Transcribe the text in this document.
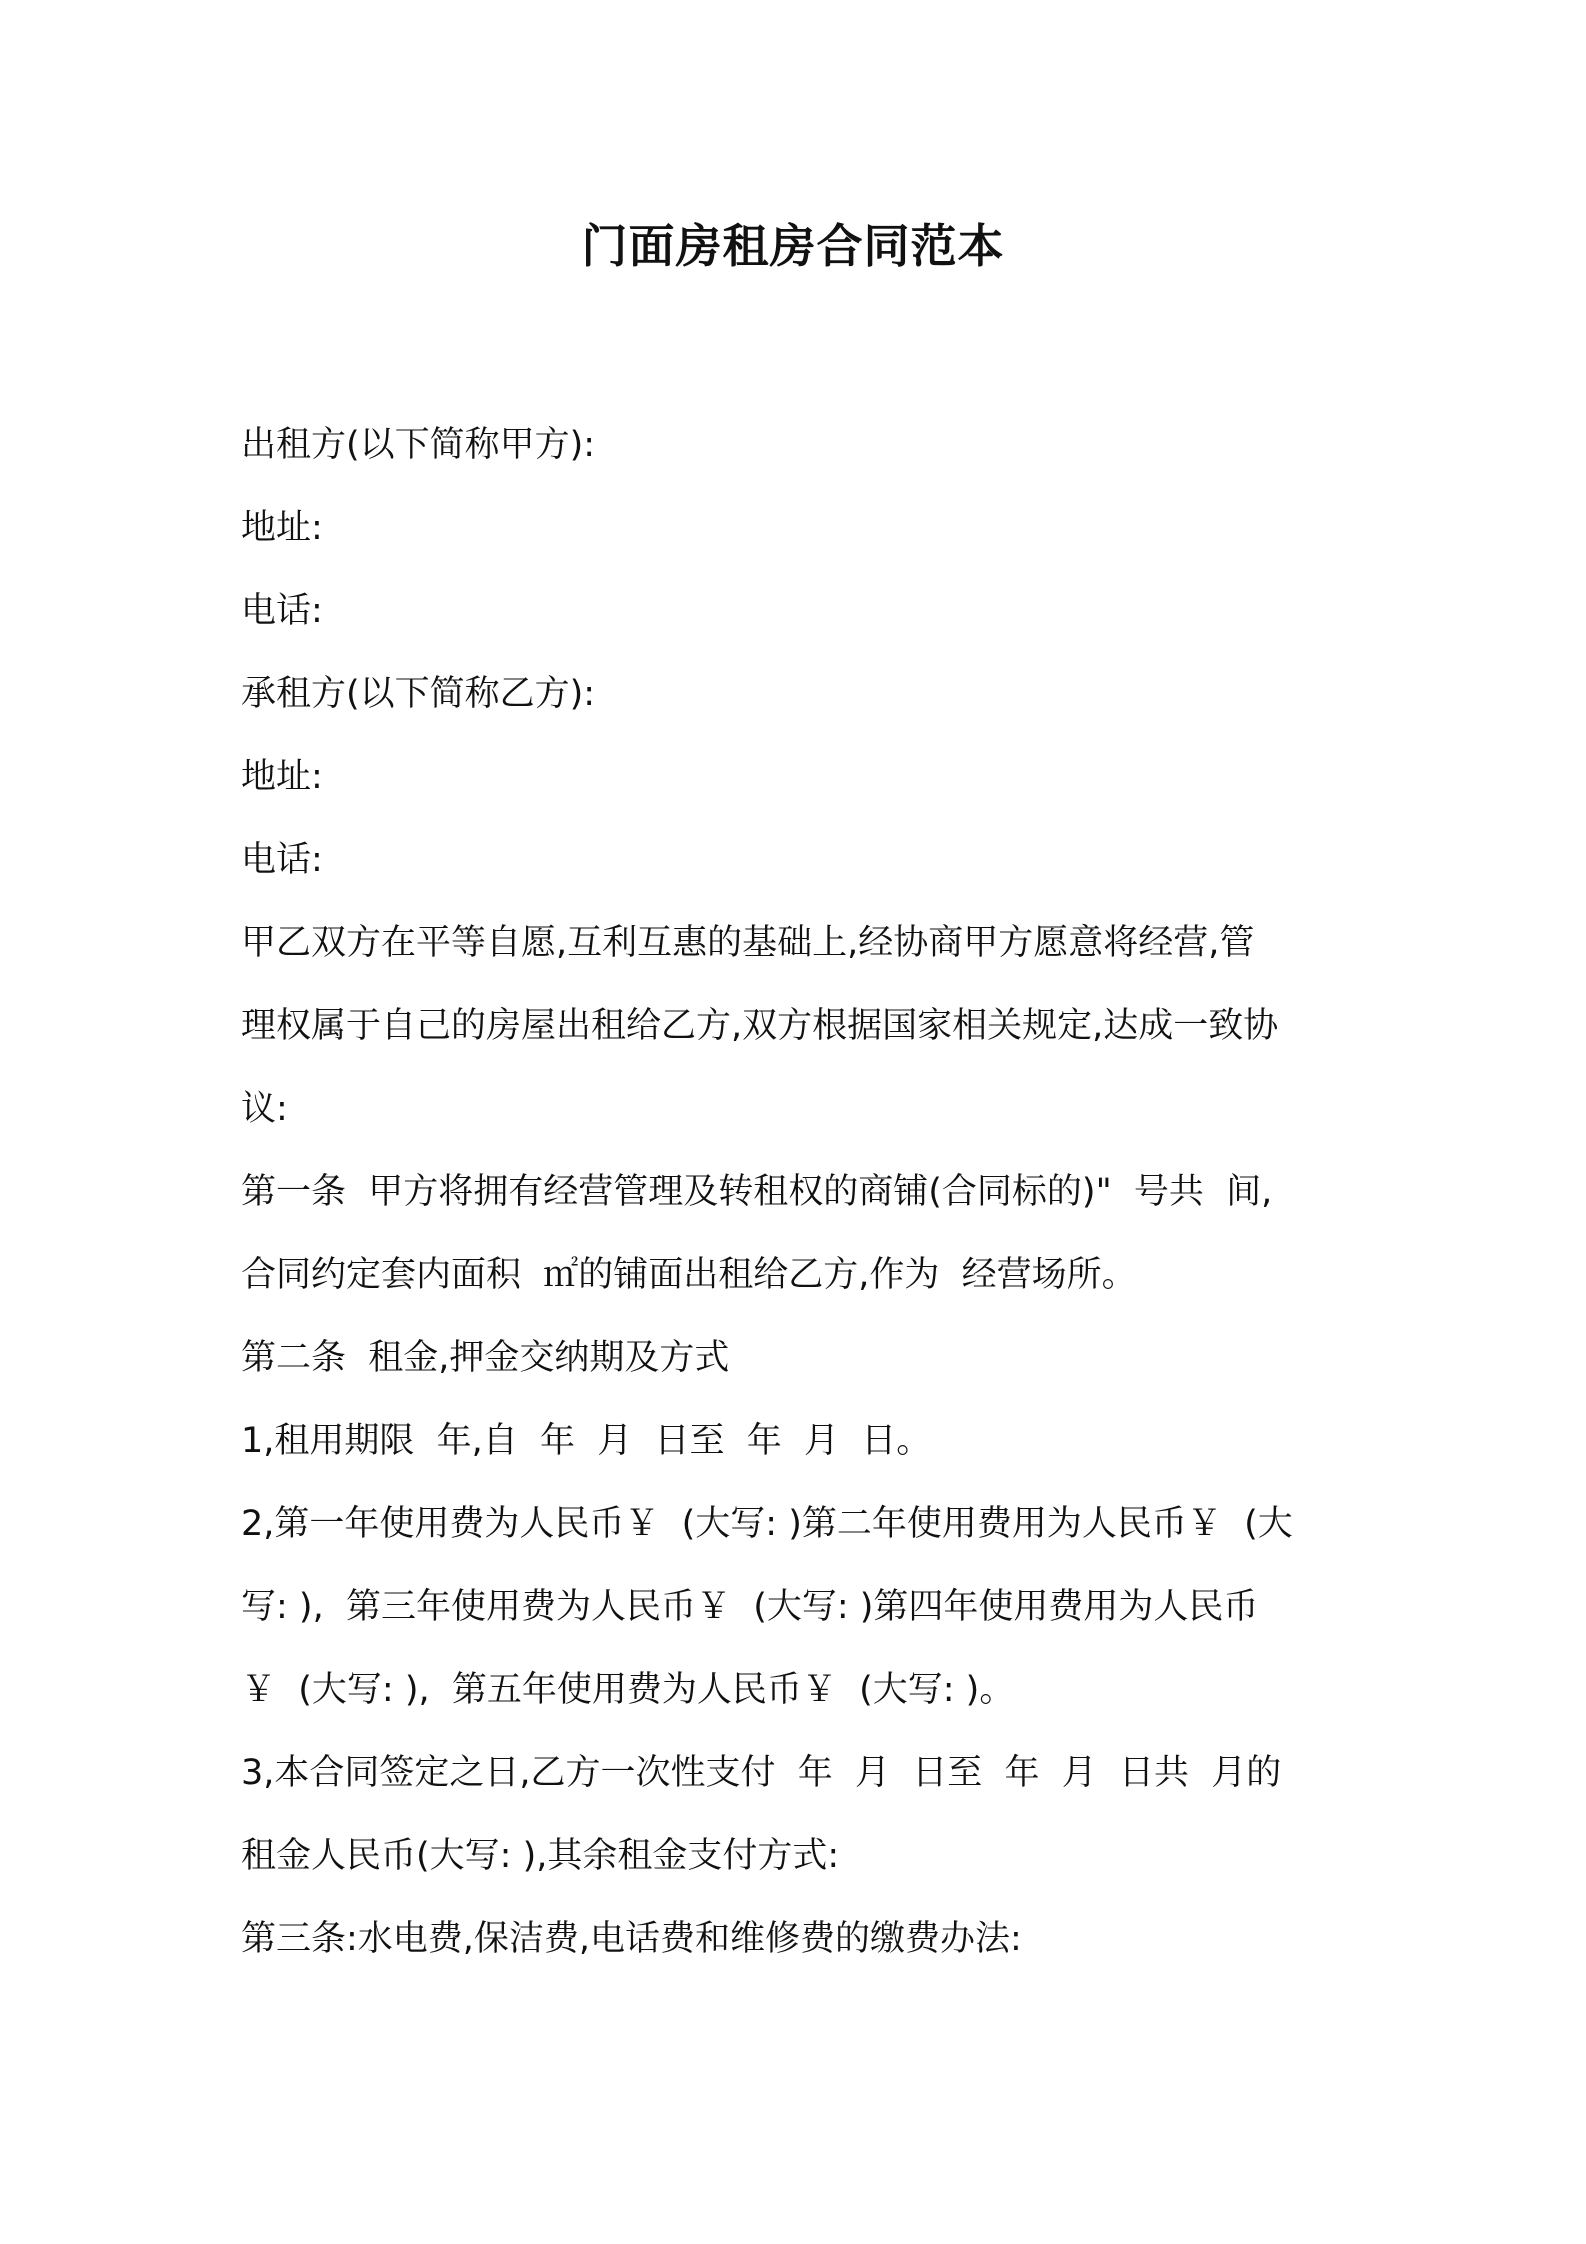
门面房租房合同范本
出租方(以下简称甲方):
地址:
电话:
承租方(以下简称乙方):
地址:
电话:
甲乙双方在平等自愿,互利互惠的基础上,经协商甲方愿意将经营,管
理权属于自己的房屋出租给乙方,双方根据国家相关规定,达成一致协
议:
第一条  甲方将拥有经营管理及转租权的商铺(合同标的)"  号共  间,
合同约定套内面积  ㎡的铺面出租给乙方,作为  经营场所。
第二条  租金,押金交纳期及方式
1,租用期限  年,自  年  月  日至  年  月  日。
2,第一年使用费为人民币￥  (大写: )第二年使用费用为人民币￥  (大
写: ),  第三年使用费为人民币￥  (大写: )第四年使用费用为人民币
￥  (大写: ),  第五年使用费为人民币￥  (大写: )。
3,本合同签定之日,乙方一次性支付  年  月  日至  年  月  日共  月的
租金人民币(大写: ),其余租金支付方式:
第三条:水电费,保洁费,电话费和维修费的缴费办法:
